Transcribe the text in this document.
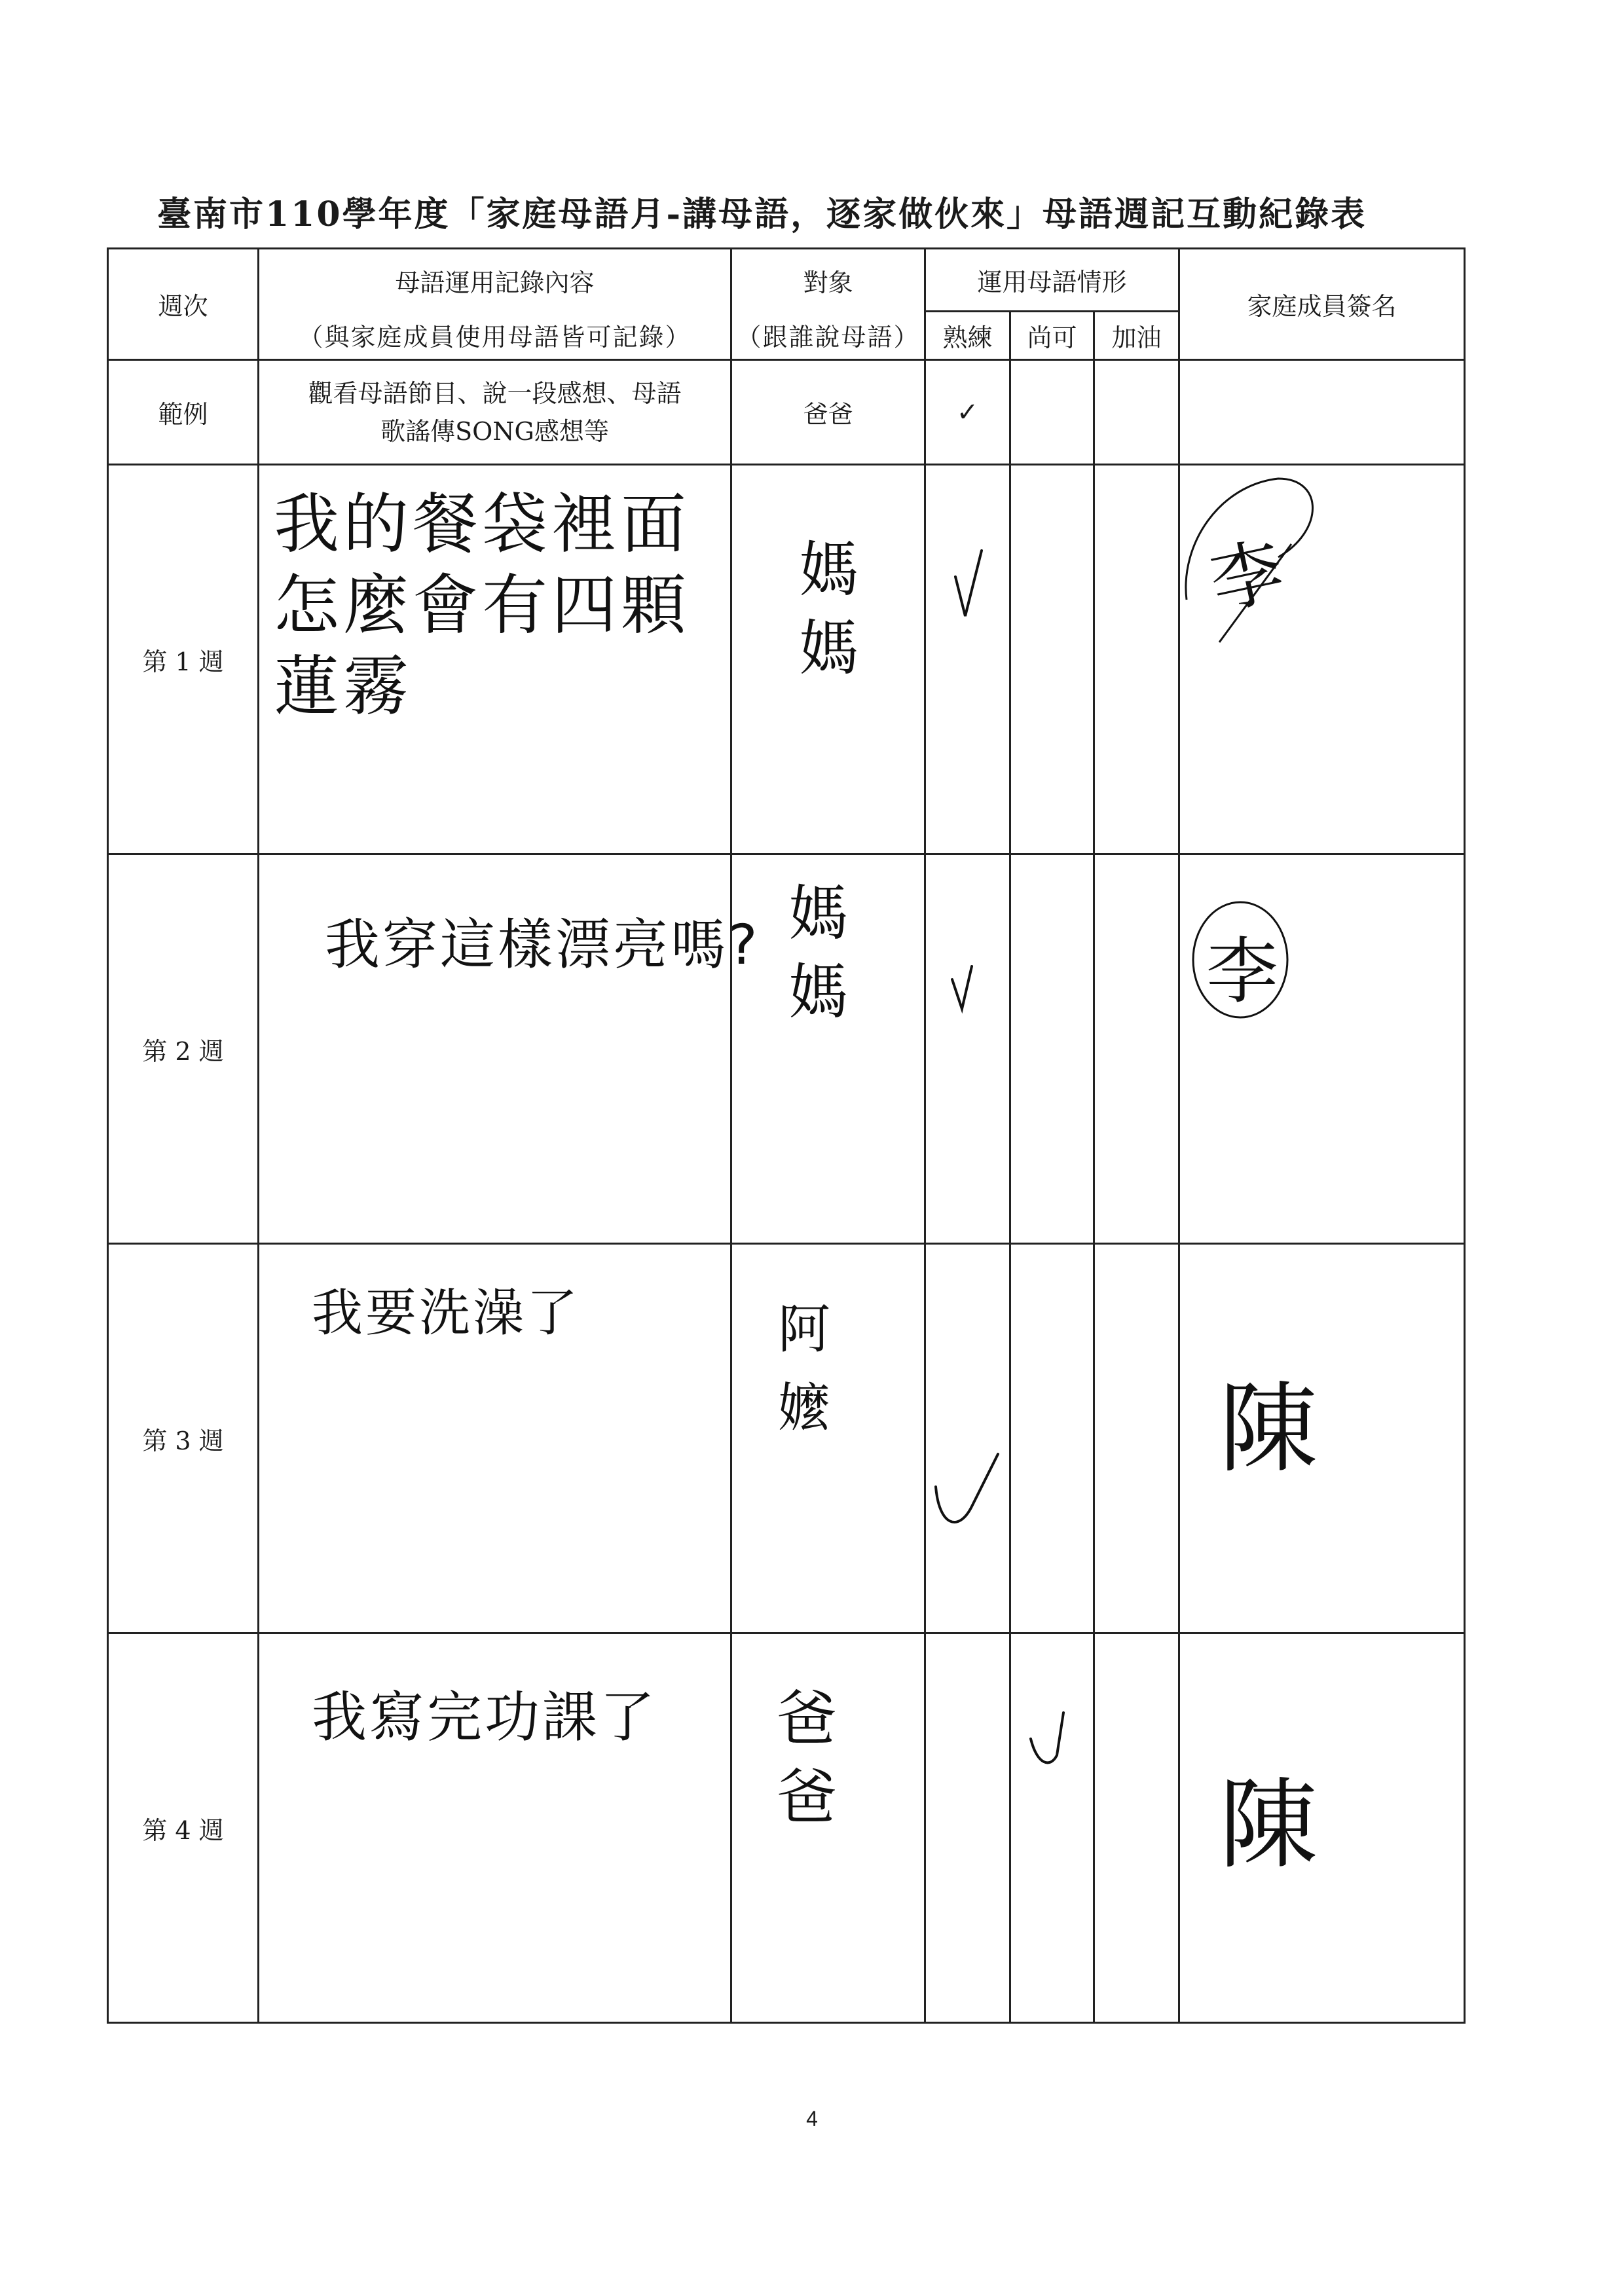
臺南市110學年度「家庭母語月-講母語，逐家做伙來」母語週記互動紀錄表
週次	母語運用記錄內容	對象	運用母語情形			家庭成員簽名
	（與家庭成員使用母語皆可記錄）	（跟誰說母語）	熟練	尚可	加油	
範例	觀看母語節目、說一段感想、母語歌謠傳SONG感想等	爸爸	✓			
第 1 週	我的餐袋裡面怎麼會有四顆蓮霧	媽媽				李

第 2 週	我穿這樣漂亮嗎?	媽媽				李

第 3 週	我要洗澡了	阿嬤				陳

第 4 週	我寫完功課了	爸爸				陳
4
